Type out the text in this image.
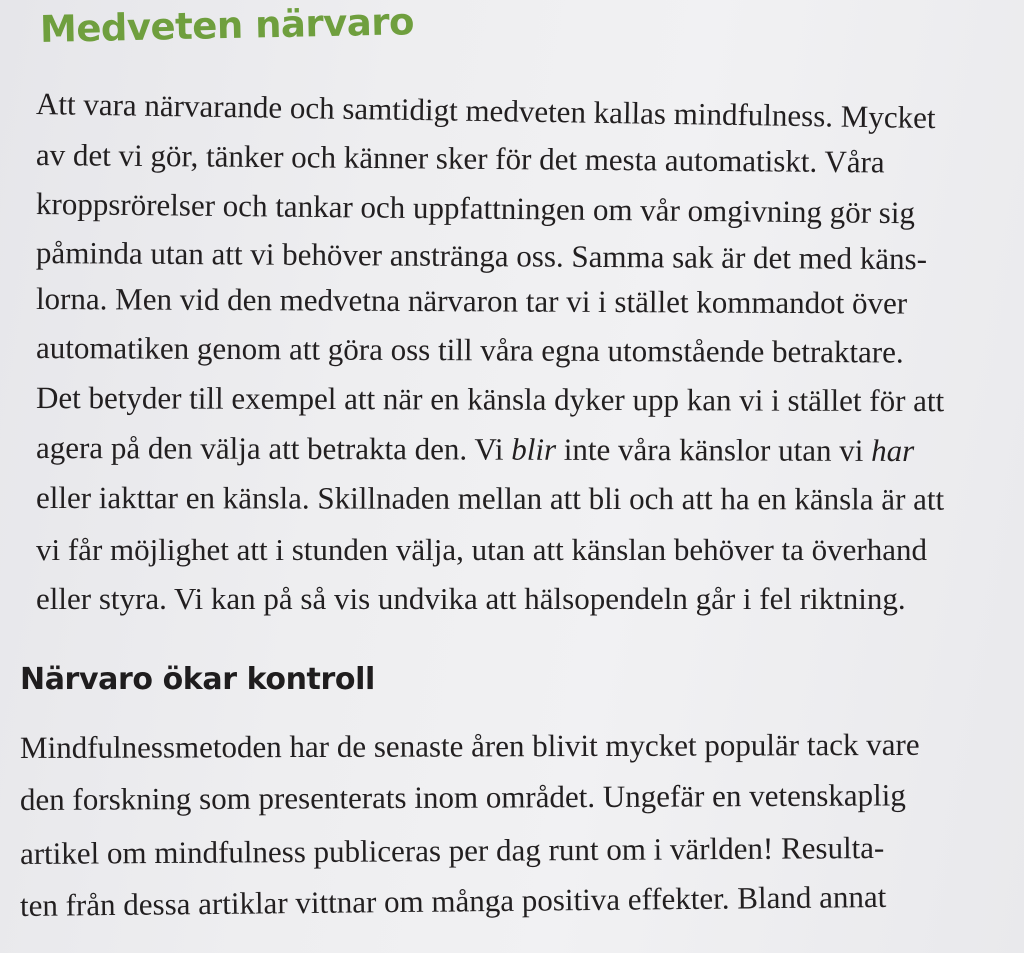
Medveten närvaro

Att vara närvarande och samtidigt medveten kallas mindfulness. Mycket

av det vi gör, tänker och känner sker för det mesta automatiskt. Våra

kroppsrörelser och tankar och uppfattningen om vår omgivning gör sig

påminda utan att vi behöver anstränga oss. Samma sak är det med käns-

lorna. Men vid den medvetna närvaron tar vi i stället kommandot över

automatiken genom att göra oss till våra egna utomstående betraktare.

Det betyder till exempel att när en känsla dyker upp kan vi i stället för att

agera på den välja att betrakta den. Vi blir inte våra känslor utan vi har

eller iakttar en känsla. Skillnaden mellan att bli och att ha en känsla är att

vi får möjlighet att i stunden välja, utan att känslan behöver ta överhand

eller styra. Vi kan på så vis undvika att hälsopendeln går i fel riktning.

Närvaro ökar kontroll

Mindfulnessmetoden har de senaste åren blivit mycket populär tack vare

den forskning som presenterats inom området. Ungefär en vetenskaplig

artikel om mindfulness publiceras per dag runt om i världen! Resulta-

ten från dessa artiklar vittnar om många positiva effekter. Bland annat
